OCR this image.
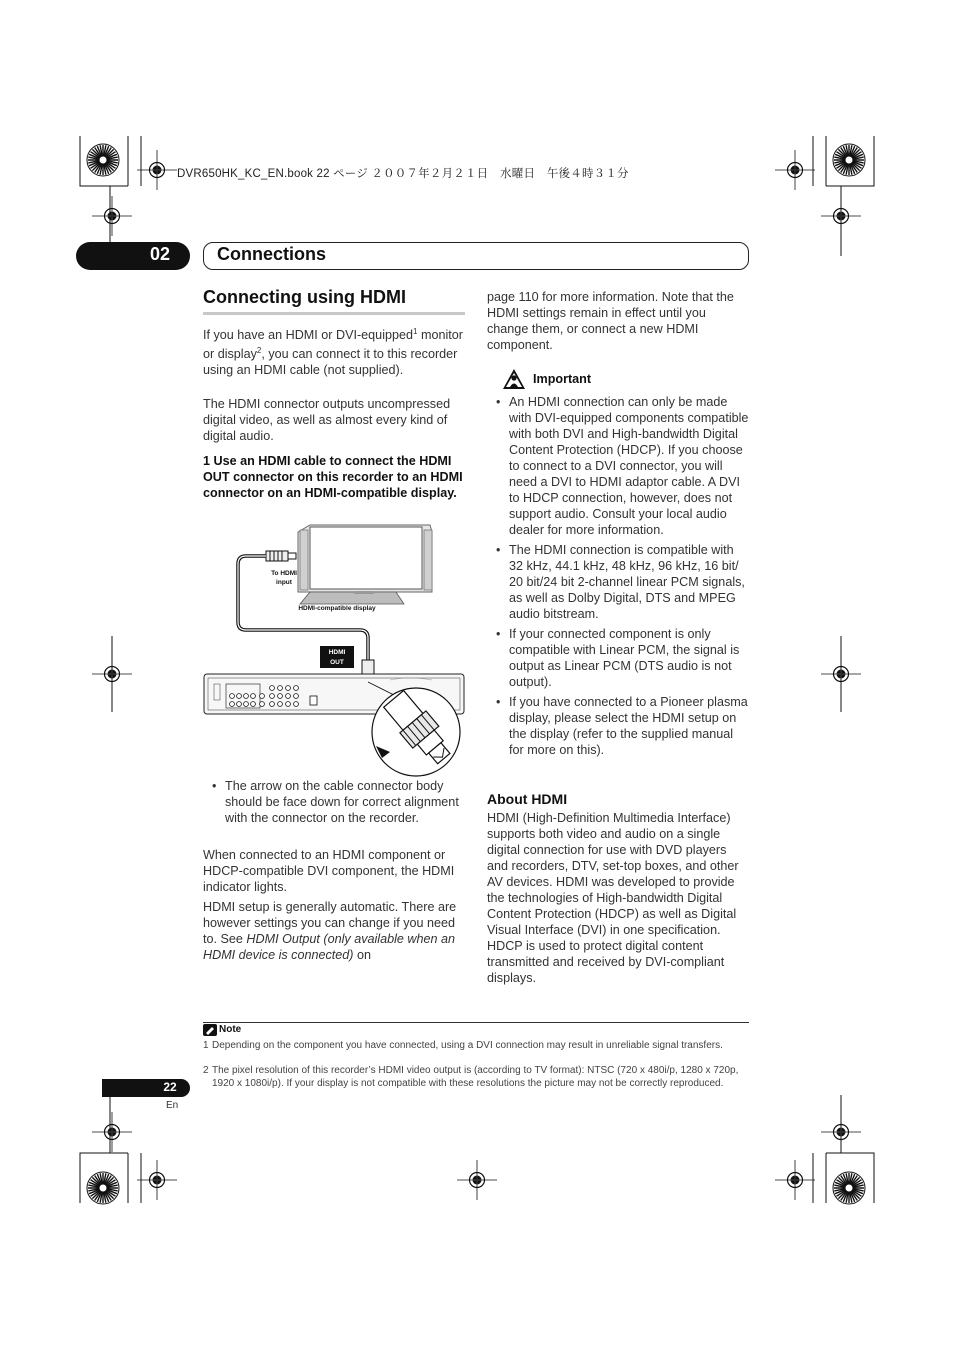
DVR650HK_KC_EN.book 22 ページ ２００７年２月２１日　水曜日　午後４時３１分
02	Connections
Connecting using HDMI

If you have an HDMI or DVI-equipped$^1$ monitor or display$^2$, you can connect it to this recorder using an HDMI cable (not supplied).

The HDMI connector outputs uncompressed digital video, as well as almost every kind of digital audio.

1 Use an HDMI cable to connect the HDMI OUT connector on this recorder to an HDMI connector on an HDMI-compatible display.

To HDMI
input
HDMI-compatible display
HDMI
OUT
• The arrow on the cable connector body should be face down for correct alignment with the connector on the recorder.

When connected to an HDMI component or HDCP-compatible DVI component, the HDMI indicator lights.

HDMI setup is generally automatic. There are however settings you can change if you need to. See HDMI Output (only available when an HDMI device is connected) on

page 110 for more information. Note that the HDMI settings remain in effect until you change them, or connect a new HDMI component.

Important
• An HDMI connection can only be made with DVI-equipped components compatible with both DVI and High-bandwidth Digital Content Protection (HDCP). If you choose to connect to a DVI connector, you will need a DVI to HDMI adaptor cable. A DVI to HDCP connection, however, does not support audio. Consult your local audio dealer for more information.
• The HDMI connection is compatible with 32 kHz, 44.1 kHz, 48 kHz, 96 kHz, 16 bit/ 20 bit/24 bit 2-channel linear PCM signals, as well as Dolby Digital, DTS and MPEG audio bitstream.
• If your connected component is only compatible with Linear PCM, the signal is output as Linear PCM (DTS audio is not output).
• If you have connected to a Pioneer plasma display, please select the HDMI setup on the display (refer to the supplied manual for more on this).
About HDMI

HDMI (High-Definition Multimedia Interface) supports both video and audio on a single digital connection for use with DVD players and recorders, DTV, set-top boxes, and other AV devices. HDMI was developed to provide the technologies of High-bandwidth Digital Content Protection (HDCP) as well as Digital Visual Interface (DVI) in one specification. HDCP is used to protect digital content transmitted and received by DVI-compliant displays.

Note
1 Depending on the component you have connected, using a DVI connection may result in unreliable signal transfers.
2 The pixel resolution of this recorder’s HDMI video output is (according to TV format): NTSC (720 x 480i/p, 1280 x 720p, 1920 x 1080i/p). If your display is not compatible with these resolutions the picture may not be correctly reproduced.
22
En
